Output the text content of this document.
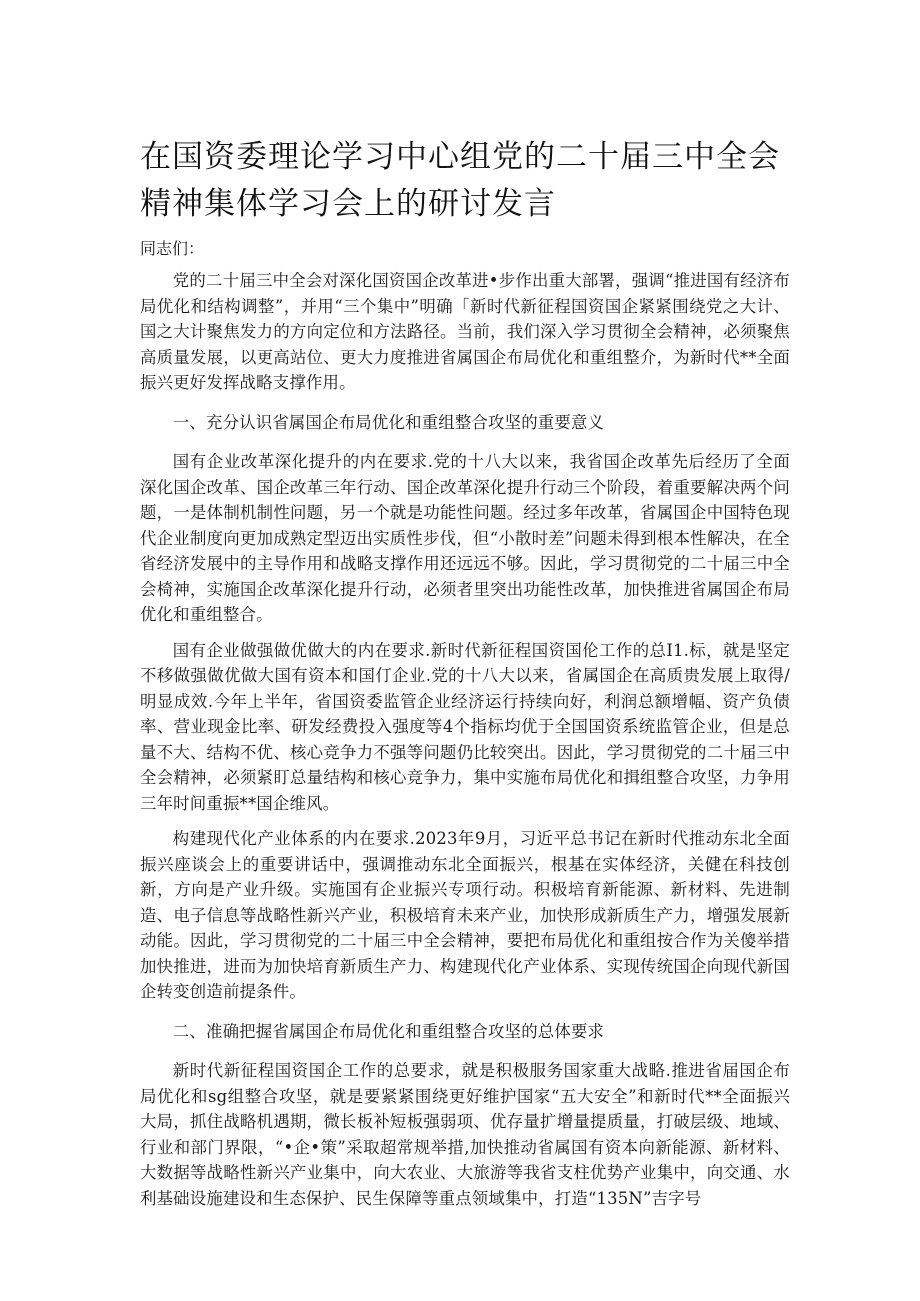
在国资委理论学习中心组党的二十届三中全会精神集体学习会上的研讨发言

同志们：

党的二十届三中全会对深化国资国企改革进•步作出重大部署，强调“推进国有经济布局优化和结构调整”，并用“三个集中”明确「新时代新征程国资国企紧紧围绕党之大计、国之大计聚焦发力的方向定位和方法路径。当前，我们深入学习贯彻全会精神，必须聚焦高质量发展，以更高站位、更大力度推进省属国企布局优化和重组整介，为新时代**全面振兴更好发挥战略支撑作用。

一、充分认识省属国企布局优化和重组整合攻坚的重要意义

国有企业改革深化提升的内在要求.党的十八大以来，我省国企改革先后经历了全面深化国企改革、国企改革三年行动、国企改革深化提升行动三个阶段，着重要解决两个问题，一是体制机制性问题，另一个就是功能性问题。经过多年改革，省属国企中国特色现代企业制度向更加成熟定型迈出实质性步伐，但“小散时差”问题未得到根本性解决，在全省经济发展中的主导作用和战略支撑作用还远远不够。因此，学习贯彻党的二十届三中全会椅神，实施国企改革深化提升行动，必须者里突出功能性改革，加快推进省属国企布局优化和重组整合。

国有企业做强做优做大的内在要求.新时代新征程国资国伦工作的总I1.标，就是坚定不移做强做优做大国有资本和国仃企业.党的十八大以来，省属国企在高质贵发展上取得/明显成效.今年上半年，省国资委监管企业经济运行持续向好，利润总额增幅、资产负债率、营业现金比率、研发经费投入强度等4个指标均优于全国国资系统监管企业，但是总量不大、结构不优、核心竞争力不强等问题仍比较突出。因此，学习贯彻党的二十届三中全会精神，必须紧盯总量结构和核心竞争力，集中实施布局优化和揖组整合攻坚，力争用三年时间重振**国企维风。

构建现代化产业体系的内在要求.2023年9月，习近平总书记在新时代推动东北全面振兴座谈会上的重要讲话中，强调推动东北全面振兴，根基在实体经济，关健在科技创新，方向是产业升级。实施国有企业振兴专项行动。积极培育新能源、新材料、先进制造、电子信息等战略性新兴产业，积极培育未来产业，加快形成新质生产力，增强发展新动能。因此，学习贯彻党的二十届三中全会精神，要把布局优化和重组按合作为关傻举措加快推进，进而为加快培育新质生产力、构建现代化产业体系、实现传统国企向现代新国企转变创造前提条件。

二、准确把握省属国企布局优化和重组整合攻坚的总体要求

新时代新征程国资国企工作的总要求，就是积极服务国家重大战略.推进省届国企布局优化和sg组整合攻坚，就是要紧紧围绕更好维护国家“五大安全”和新时代**全面振兴大局，抓住战略机遇期，微长板补短板强弱项、优存量扩增量提质量，打破层级、地域、行业和部门界限，“•企•策”采取超常规举措,加快推动省属国有资本向新能源、新材料、大数据等战略性新兴产业集中，向大农业、大旅游等我省支柱优势产业集中，向交通、水利基础设施建设和生态保护、民生保障等重点领域集中，打造“135N”吉字号
